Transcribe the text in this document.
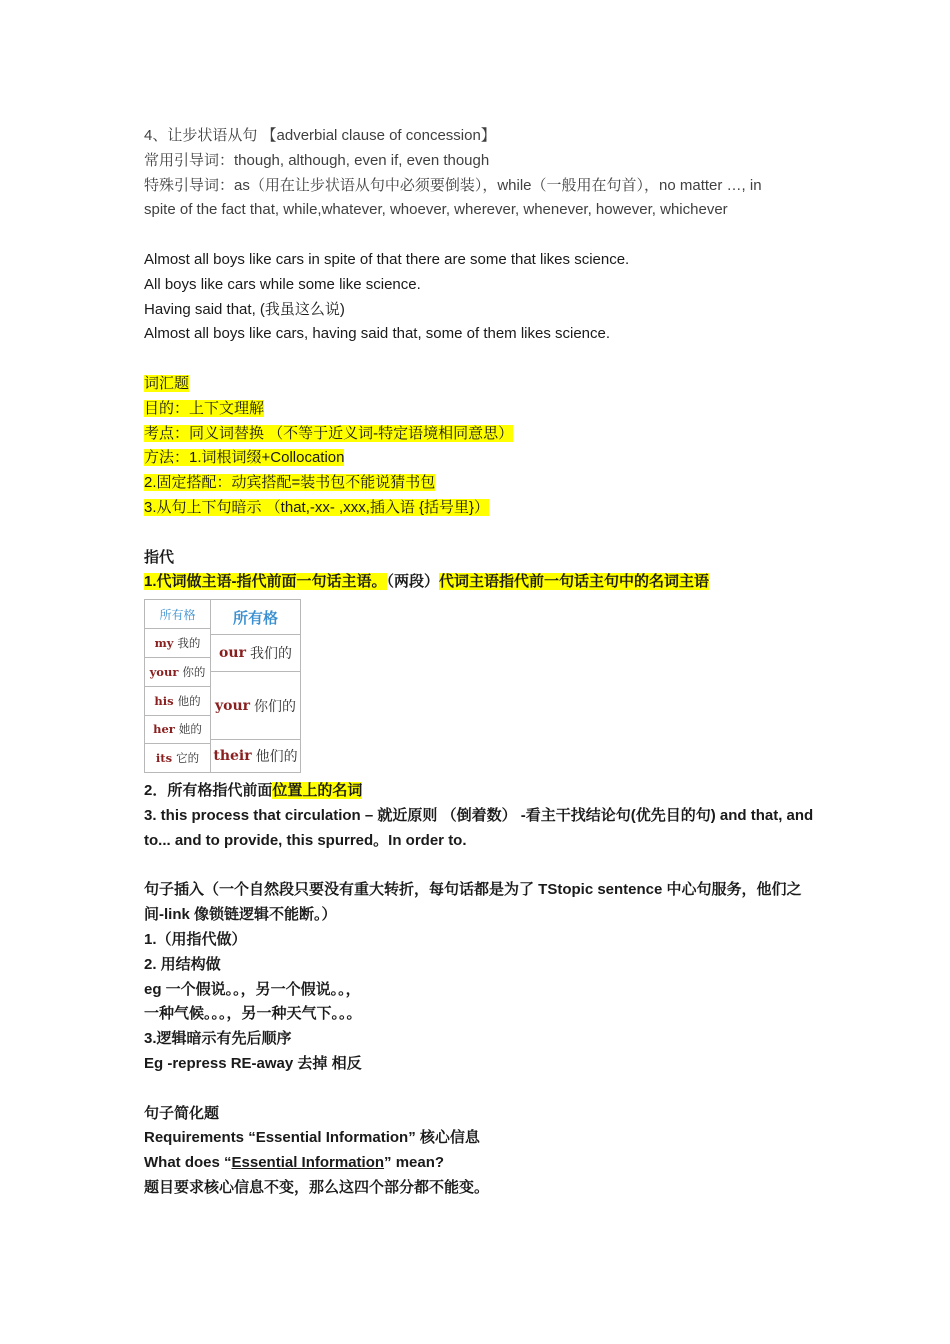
4、让步状语从句 【adverbial clause of concession】
常用引导词：though, although, even if, even though
特殊引导词：as（用在让步状语从句中必须要倒装），while（一般用在句首），no matter …, in
spite of the fact that, while,whatever, whoever, wherever, whenever, however, whichever
Almost all boys like cars in spite of that there are some that likes science.
All boys like cars while some like science.
Having said that, (我虽这么说)
Almost all boys like cars, having said that, some of them likes science.
词汇题
目的：上下文理解
考点：同义词替换 （不等于近义词-特定语境相同意思）
方法：1.词根词缀+Collocation
2.固定搭配：动宾搭配=装书包不能说猜书包
3.从句上下句暗示 （that,-xx- ,xxx,插入语 {括号里}）
指代
1.代词做主语-指代前面一句话主语。（两段）代词主语指代前一句话主句中的名词主语
所有格
my 我的
your 你的
his 他的
her 她的
its 它的
所有格
our 我们的
your 你们的
their 他们的
2．所有格指代前面位置上的名词
3. this process that circulation – 就近原则 （倒着数） -看主干找结论句(优先目的句) and that, and to... and to provide, this spurred。In order to.
句子插入（一个自然段只要没有重大转折，每句话都是为了 TStopic sentence 中心句服务，他们之间-link 像锁链逻辑不能断。）
1.（用指代做）
2. 用结构做
eg 一个假说。。，另一个假说。。，
一种气候。。。，另一种天气下。。。
3.逻辑暗示有先后顺序
Eg -repress RE-away 去掉 相反
句子简化题
Requirements “Essential Information” 核心信息
What does “Essential Information” mean?
题目要求核心信息不变，那么这四个部分都不能变。
